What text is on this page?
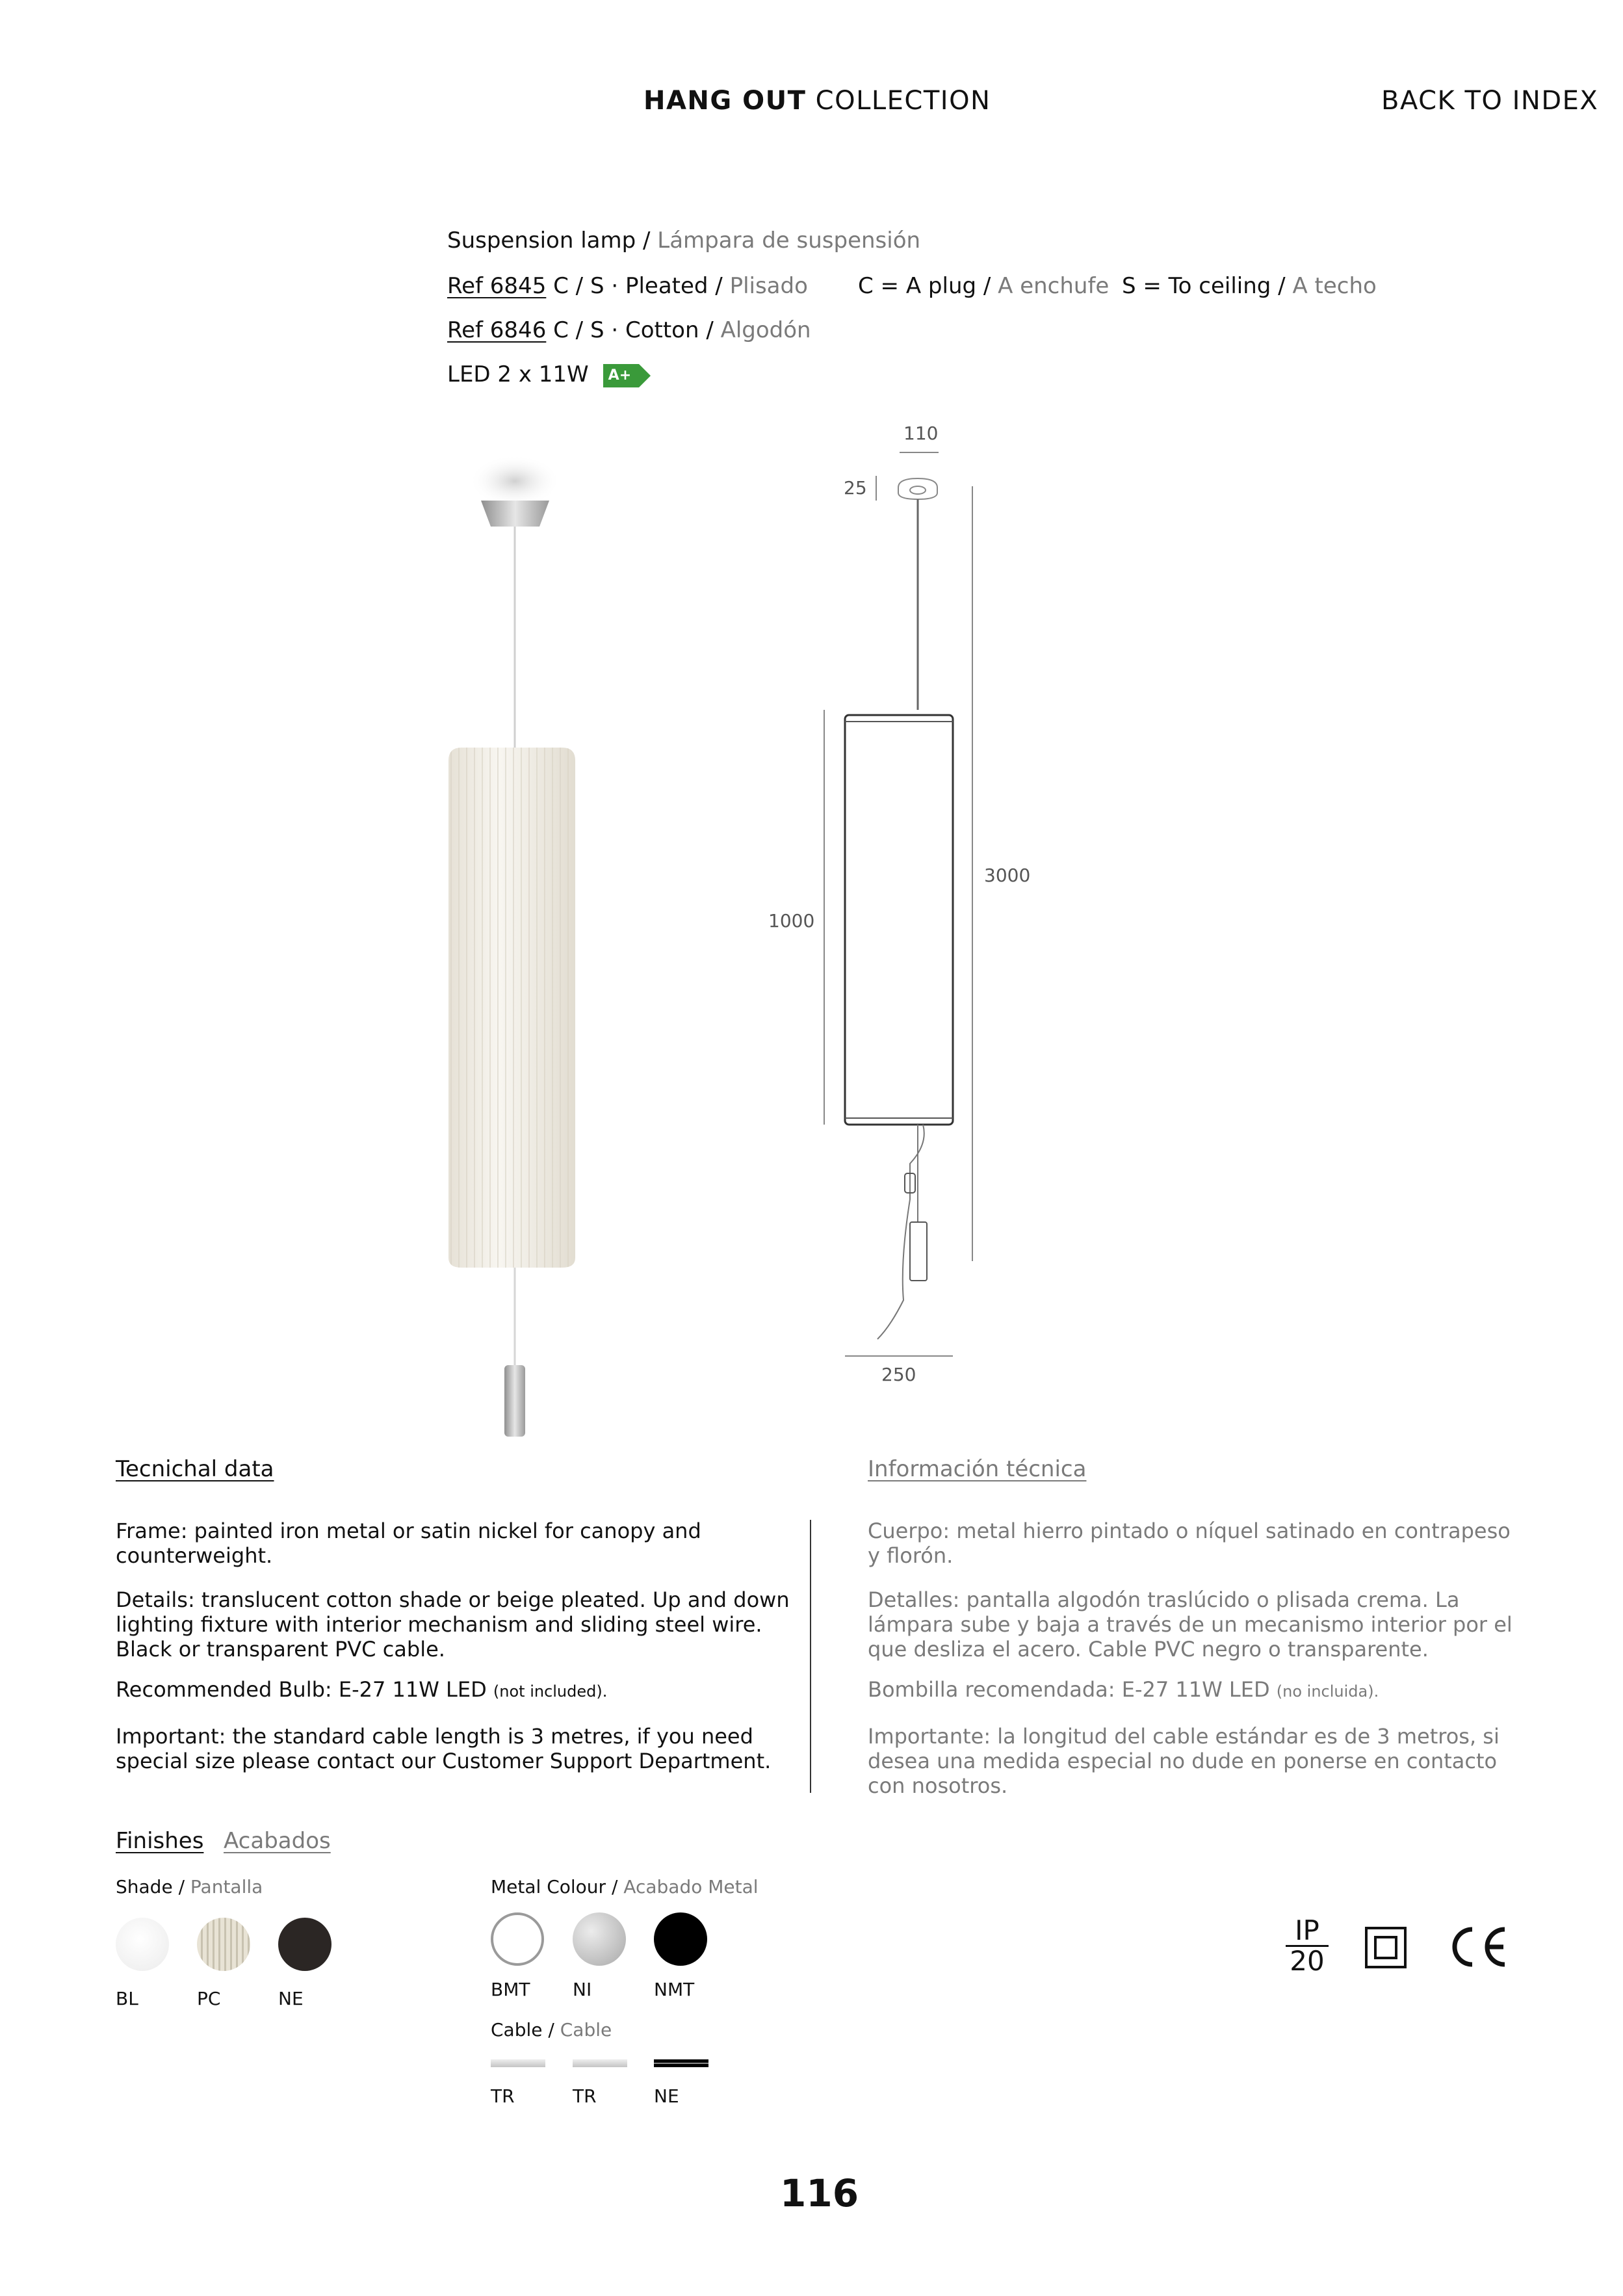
HANG OUT COLLECTION	BACK TO INDEX
Suspension lamp / Lámpara de suspensión
Ref 6845 C / S · Pleated / Plisado C = A plug / A enchufe S = To ceiling / A techo
Ref 6846 C / S · Cotton / Algodón
LED 2 x 11W A+
110
25
3000
1000
250
Tecnichal data	Información técnica
Frame: painted iron metal or satin nickel for canopy and counterweight.
Details: translucent cotton shade or beige pleated. Up and down lighting fixture with interior mechanism and sliding steel wire. Black or transparent PVC cable.
Recommended Bulb: E-27 11W LED (not included).
Important: the standard cable length is 3 metres, if you need special size please contact our Customer Support Department.
Cuerpo: metal hierro pintado o níquel satinado en contrapeso y florón.
Detalles: pantalla algodón traslúcido o plisada crema. La lámpara sube y baja a través de un mecanismo interior por el que desliza el acero. Cable PVC negro o transparente.
Bombilla recomendada: E-27 11W LED (no incluida).
Importante: la longitud del cable estándar es de 3 metros, si desea una medida especial no dude en ponerse en contacto con nosotros.
Finishes Acabados
Shade / Pantalla
BL	PC	NE
Metal Colour / Acabado Metal
BMT NI	NMT
Cable / Cable
TR	TR	NE
IP
20
116
